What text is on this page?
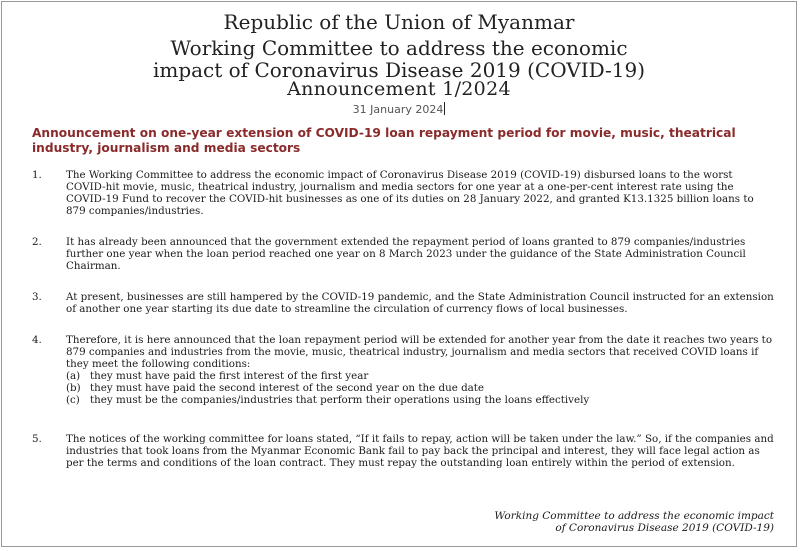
Republic of the Union of Myanmar
Working Committee to address the economic
impact of Coronavirus Disease 2019 (COVID-19)
Announcement 1/2024
31 January 2024
Announcement on one-year extension of COVID-19 loan repayment period for movie, music, theatrical industry, journalism and media sectors
1. The Working Committee to address the economic impact of Coronavirus Disease 2019 (COVID-19) disbursed loans to the worst COVID-hit movie, music, theatrical industry, journalism and media sectors for one year at a one-per-cent interest rate using the COVID-19 Fund to recover the COVID-hit businesses as one of its duties on 28 January 2022, and granted K13.1325 billion loans to 879 companies/industries.
2. It has already been announced that the government extended the repayment period of loans granted to 879 companies/industries further one year when the loan period reached one year on 8 March 2023 under the guidance of the State Administration Council Chairman.
3. At present, businesses are still hampered by the COVID-19 pandemic, and the State Administration Council instructed for an extension of another one year starting its due date to streamline the circulation of currency flows of local businesses.
4. Therefore, it is here announced that the loan repayment period will be extended for another year from the date it reaches two years to 879 companies and industries from the movie, music, theatrical industry, journalism and media sectors that received COVID loans if they meet the following conditions:
(a) they must have paid the first interest of the first year
(b) they must have paid the second interest of the second year on the due date
(c) they must be the companies/industries that perform their operations using the loans effectively
5. The notices of the working committee for loans stated, “If it fails to repay, action will be taken under the law.” So, if the companies and industries that took loans from the Myanmar Economic Bank fail to pay back the principal and interest, they will face legal action as per the terms and conditions of the loan contract. They must repay the outstanding loan entirely within the period of extension.
Working Committee to address the economic impact
of Coronavirus Disease 2019 (COVID-19)
